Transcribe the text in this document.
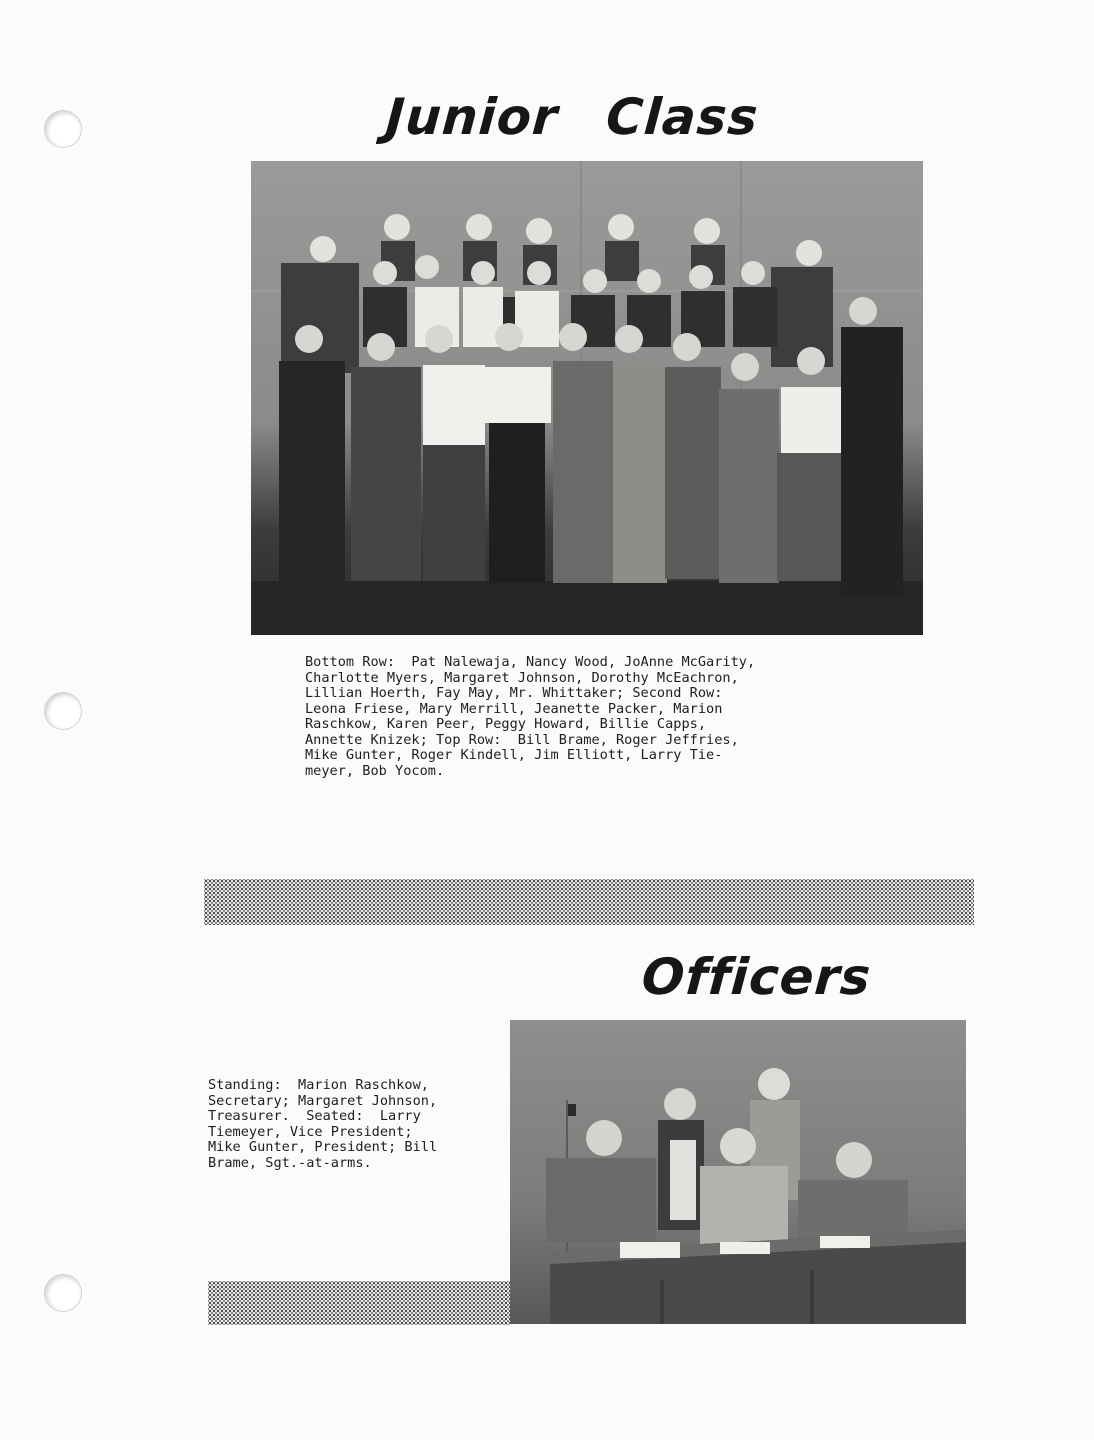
Junior Class
Bottom Row:  Pat Nalewaja, Nancy Wood, JoAnne McGarity,
Charlotte Myers, Margaret Johnson, Dorothy McEachron,
Lillian Hoerth, Fay May, Mr. Whittaker; Second Row:
Leona Friese, Mary Merrill, Jeanette Packer, Marion
Raschkow, Karen Peer, Peggy Howard, Billie Capps,
Annette Knizek; Top Row:  Bill Brame, Roger Jeffries,
Mike Gunter, Roger Kindell, Jim Elliott, Larry Tie-
meyer, Bob Yocom.
Officers
Standing:  Marion Raschkow,
Secretary; Margaret Johnson,
Treasurer.  Seated:  Larry
Tiemeyer, Vice President;
Mike Gunter, President; Bill
Brame, Sgt.-at-arms.
